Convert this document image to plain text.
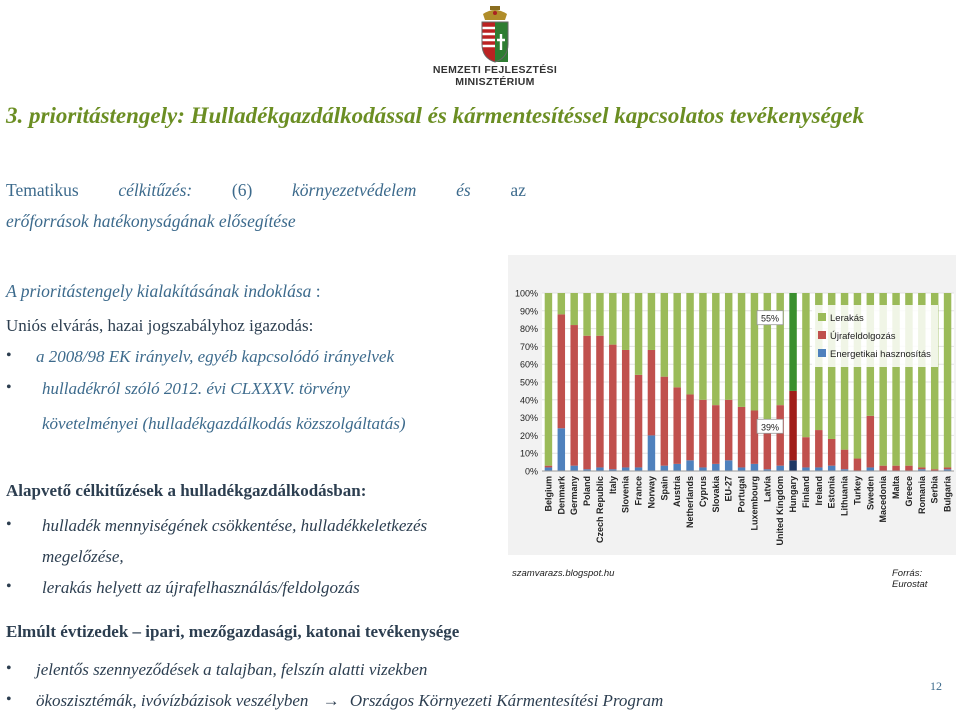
NEMZETI FEJLESZTÉSI
MINISZTÉRIUM
3. prioritástengely: Hulladékgazdálkodással és kármentesítéssel kapcsolatos tevékenységek
Tematikus célkitűzés: (6) környezetvédelem és az
erőforrások hatékonyságának elősegítése
A prioritástengely kialakításának indoklása :
Uniós elvárás, hazai jogszabályhoz igazodás:
• a 2008/98 EK irányelv, egyéb kapcsolódó irányelvek
• hulladékról szóló 2012. évi CLXXXV. törvény
követelményei (hulladékgazdálkodás közszolgáltatás)
Alapvető célkitűzések a hulladékgazdálkodásban:
• hulladék mennyiségének csökkentése, hulladékkeletkezés
megelőzése,
• lerakás helyett az újrafelhasználás/feldolgozás
Elmúlt évtizedek – ipari, mezőgazdasági, katonai tevékenysége
• jelentős szennyeződések a talajban, felszín alatti vizekben
• ökoszisztémák, ivóvízbázisok veszélyben → Országos Környezeti Kármentesítési Program
0%
10%
20%
30%
40%
50%
60%
70%
80%
90%
100%
Belgium Denmark Germany Poland Czech Republic Italy Slovenia France Norway Spain Austria Netherlands Cyprus Slovakia EU-27 Portugal Luxembourg Latvia United Kingdom Hungary Finland Ireland Estonia Lithuania Turkey Sweden Macedonia Malta Greece Romania Serbia Bulgaria
55%
39%
Lerakás
Újrafeldolgozás
Energetikai hasznosítás
szamvarazs.blogspot.hu	Forrás: Eurostat
12
